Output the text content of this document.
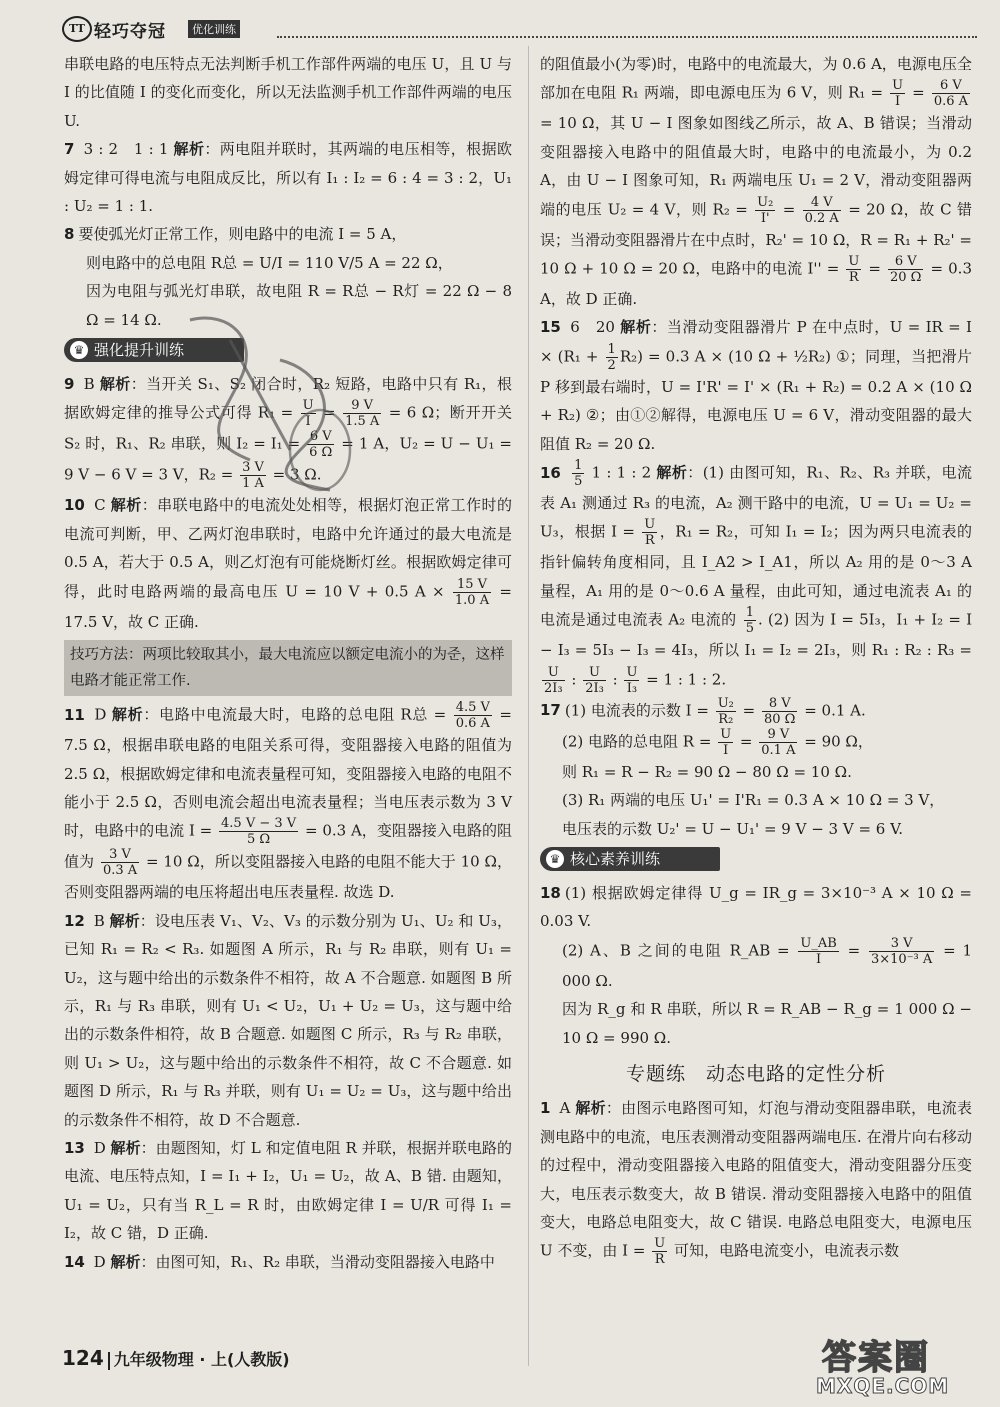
TT 轻巧夺冠	优化训练

串联电路的电压特点无法判断手机工作部件两端的电压 U，且 U 与 I 的比值随 I 的变化而变化，所以无法监测手机工作部件两端的电压 U.

7 3 : 2　1 : 1 解析：两电阻并联时，其两端的电压相等，根据欧姆定律可得电流与电阻成反比，所以有 I₁ : I₂ = 6 : 4 = 3 : 2，U₁ : U₂ = 1 : 1.

8 要使弧光灯正常工作，则电路中的电流 I = 5 A，

则电路中的总电阻 R总 = U/I = 110 V/5 A = 22 Ω，

因为电阻与弧光灯串联，故电阻 R = R总 − R灯 = 22 Ω − 8 Ω = 14 Ω.

强化提升训练
♛

9 B 解析：当开关 S₁、S₂ 闭合时，R₂ 短路，电路中只有 R₁，根据欧姆定律的推导公式可得 $R_1 = \frac{U}{I} = \frac{9 V}{1.5 A} = 6$ Ω；断开开关 S₂ 时，R₁、R₂ 串联，则 $I_2 = I_1 = \frac{6 V}{6 \Omega} = 1$ A，U₂ = U − U₁ = 9 V − 6 V = 3 V，$R_2 = \frac{3 V}{1 A} = 3$ Ω.

10 C 解析：串联电路中的电流处处相等，根据灯泡正常工作时的电流可判断，甲、乙两灯泡串联时，电路中允许通过的最大电流是 0.5 A，若大于 0.5 A，则乙灯泡有可能烧断灯丝。根据欧姆定律可得，此时电路两端的最高电压 U = 10 V + 0.5 $A \times \frac{15 V}{1.0 A} = 17.5$ V，故 C 正确.

技巧方法：两项比较取其小，最大电流应以额定电流小的为준，这样电路才能正常工作.

11 D 解析：电路中电流最大时，电路的总电阻 R总 = $\frac{4.5 V}{0.6 A} = 7.5$ Ω，根据串联电路的电阻关系可得，变阻器接入电路的阻值为 2.5 Ω，根据欧姆定律和电流表量程可知，变阻器接入电路的电阻不能小于 2.5 Ω，否则电流会超出电流表量程；当电压表示数为 3 V 时，电路中的电流 $I = \frac{4.5 V - 3 V}{5 \Omega} = 0.3$ A，变阻器接入电路的阻值为 $\frac{3 V}{0.3 A} = 10$ Ω，所以变阻器接入电路的电阻不能大于 10 Ω，否则变阻器两端的电压将超出电压表量程. 故选 D.

12 B 解析：设电压表 V₁、V₂、V₃ 的示数分别为 U₁、U₂ 和 U₃，已知 R₁ = R₂ < R₃. 如题图 A 所示，R₁ 与 R₂ 串联，则有 U₁ = U₂，这与题中给出的示数条件不相符，故 A 不合题意. 如题图 B 所示，R₁ 与 R₃ 串联，则有 U₁ < U₂，U₁ + U₂ = U₃，这与题中给出的示数条件相符，故 B 合题意. 如题图 C 所示，R₃ 与 R₂ 串联，则 U₁ > U₂，这与题中给出的示数条件不相符，故 C 不合题意. 如题图 D 所示，R₁ 与 R₃ 并联，则有 U₁ = U₂ = U₃，这与题中给出的示数条件不相符，故 D 不合题意.

13 D 解析：由题图知，灯 L 和定值电阻 R 并联，根据并联电路的电流、电压特点知，I = I₁ + I₂，U₁ = U₂，故 A、B 错. 由题知，U₁ = U₂，只有当 R_L = R 时，由欧姆定律 I = U/R 可得 I₁ = I₂，故 C 错，D 正确.

14 D 解析：由图可知，R₁、R₂ 串联，当滑动变阻器接入电路中

的阻值最小(为零)时，电路中的电流最大，为 0.6 A，电源电压全部加在电阻 R₁ 两端，即电源电压为 6 V，则 $R_1 = \frac{U}{I} = \frac{6 V}{0.6 A}$
= 10 Ω，其 U − I 图象如图线乙所示，故 A、B 错误；当滑动变阻器接入电路中的阻值最大时，电路中的电流最小，为 0.2 A，由 U − I 图象可知，R₁ 两端电压 U₁ = 2 V，滑动变阻器两端的电压 U₂ = 4 V，则 $R_2 = \frac{\text{U₂}}{I'} = \frac{4 V}{0.2 A} = 20$ Ω，故 C 错误；当滑动变阻器滑片在中点时，R₂' = 10 Ω，R = R₁ + R₂' = 10 Ω + 10 Ω = 20 Ω，电路中的电流 $I'' = \frac{U}{R} = \frac{6 V}{20 \Omega} = 0.3$ A，故 D 正确.

15 6　20 解析：当滑动变阻器滑片 P 在中点时，U = IR = $I \times (R_1 + \frac{1}{2} R_2) = 0.3$ A × (10 Ω + ½R₂) ①；同理，当把滑片 P 移到最右端时，U = I'R' = I' × (R₁ + R₂) = 0.2 A × (10 Ω + R₂) ②；由①②解得，电源电压 U = 6 V，滑动变阻器的最大阻值 R₂ = 20 Ω.

$16 \frac{1}{5} 1$ : 1 : 2 解析：(1) 由图可知，R₁、R₂、R₃ 并联，电流表 A₁ 测通过 R₃ 的电流，A₂ 测干路中的电流，U = U₁ = U₂ = U₃，根据 $I = \frac{U}{R}$ ，R₁ = R₂，可知 I₁ = I₂；因为两只电流表的指针偏转角度相同，且 I_A2 > I_A1，所以 A₂ 用的是 0～3 A 量程，A₁ 用的是 0～0.6 A 量程，由此可知，通过电流表 A₁ 的电流是通过电流表 A₂ 电流的 $\frac{1}{5}$ . (2) 因为 I = 5I₃，I₁ + I₂ = I − I₃ = 5I₃ − I₃ = 4I₃，所以 I₁ = I₂ = 2I₃，则 R₁ : R₂ : R₃ =
$\frac{U}{\text{2I₃}}$ : $\frac{U}{\text{2I₃}}$ : $\frac{U}{\text{I₃}} = 1$ : 1 : 2.

17 (1) 电流表的示数 $I = \frac{\text{U₂}}{\text{R₂}} = \frac{8 V}{80 \Omega} = 0.1$ A.

(2) 电路的总电阻 $R = \frac{U}{I} = \frac{9 V}{0.1 A} = 90$ Ω，

则 R₁ = R − R₂ = 90 Ω − 80 Ω = 10 Ω.

(3) R₁ 两端的电压 U₁' = I'R₁ = 0.3 A × 10 Ω = 3 V，

电压表的示数 U₂' = U − U₁' = 9 V − 3 V = 6 V.

核心素养训练
♛

18 (1) 根据欧姆定律得 U_g = IR_g = 3×10⁻³ A × 10 Ω = 0.03 V.

(2) A、B 之间的电阻 R_AB = $\frac{U\_AB}{I} = \frac{3 V}{\text{3×10⁻³ A}} = 1$ 000 Ω.

因为 R_g 和 R 串联，所以 R = R_AB − R_g = 1 000 Ω − 10 Ω = 990 Ω.

专题练　动态电路的定性分析

1 A 解析：由图示电路图可知，灯泡与滑动变阻器串联，电流表测电路中的电流，电压表测滑动变阻器两端电压. 在滑片向右移动的过程中，滑动变阻器接入电路的阻值变大，滑动变阻器分压变大，电压表示数变大，故 B 错误. 滑动变阻器接入电路中的阻值变大，电路总电阻变大，故 C 错误. 电路总电阻变大，电源电压 U 不变，由 $I = \frac{U}{R}$ 可知，电路电流变小，电流表示数

124 九年级物理 · 上(人教版)	答案圈
MXQE.COM
